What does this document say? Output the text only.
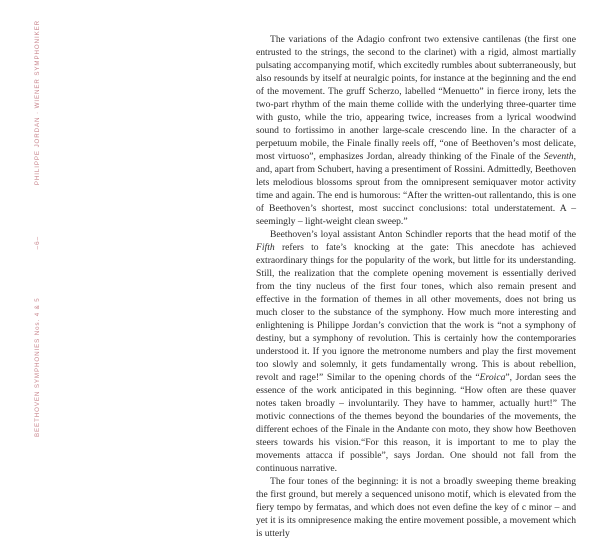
PHILIPPE JORDAN · WIENER SYMPHONIKER
–6–
BEETHOVEN SYMPHONIES Nos. 4 & 5

The variations of the Adagio confront two extensive cantilenas (the first one entrusted to the strings, the second to the clarinet) with a rigid, almost martially pulsating accompanying motif, which excitedly rumbles about subterraneously, but also resounds by itself at neuralgic points, for instance at the beginning and the end of the movement. The gruff Scherzo, labelled “Menuetto” in fierce irony, lets the two-part rhythm of the main theme collide with the underlying three-quarter time with gusto, while the trio, appearing twice, increases from a lyrical woodwind sound to fortissimo in another large-scale crescendo line. In the character of a perpetuum mobile, the Finale finally reels off, “one of Beethoven’s most delicate, most virtuoso”, emphasizes Jordan, already thinking of the Finale of the Seventh, and, apart from Schubert, having a presentiment of Rossini. Admittedly, Beethoven lets melodious blossoms sprout from the omnipresent semiquaver motor activity time and again. The end is humorous: “After the written-out rallentando, this is one of Beethoven’s shortest, most succinct conclusions: total understatement. A – seemingly – light-weight clean sweep.”

Beethoven’s loyal assistant Anton Schindler reports that the head motif of the Fifth refers to fate’s knocking at the gate: This anecdote has achieved extraordinary things for the popularity of the work, but little for its understanding. Still, the realization that the complete opening movement is essentially derived from the tiny nucleus of the first four tones, which also remain present and effective in the formation of themes in all other movements, does not bring us much closer to the substance of the symphony. How much more interesting and enlightening is Philippe Jordan’s conviction that the work is “not a symphony of destiny, but a symphony of revolution. This is certainly how the contemporaries understood it. If you ignore the metronome numbers and play the first movement too slowly and solemnly, it gets fundamentally wrong. This is about rebellion, revolt and rage!” Similar to the opening chords of the “Eroica”, Jordan sees the essence of the work anticipated in this beginning. “How often are these quaver notes taken broadly – involuntarily. They have to hammer, actually hurt!” The motivic connections of the themes beyond the boundaries of the movements, the different echoes of the Finale in the Andante con moto, they show how Beethoven steers towards his vision.“For this reason, it is important to me to play the movements attacca if possible”, says Jordan. One should not fall from the continuous narrative.

The four tones of the beginning: it is not a broadly sweeping theme breaking the first ground, but merely a sequenced unisono motif, which is elevated from the fiery tempo by fermatas, and which does not even define the key of c minor – and yet it is its omnipresence making the entire movement possible, a movement which is utterly
